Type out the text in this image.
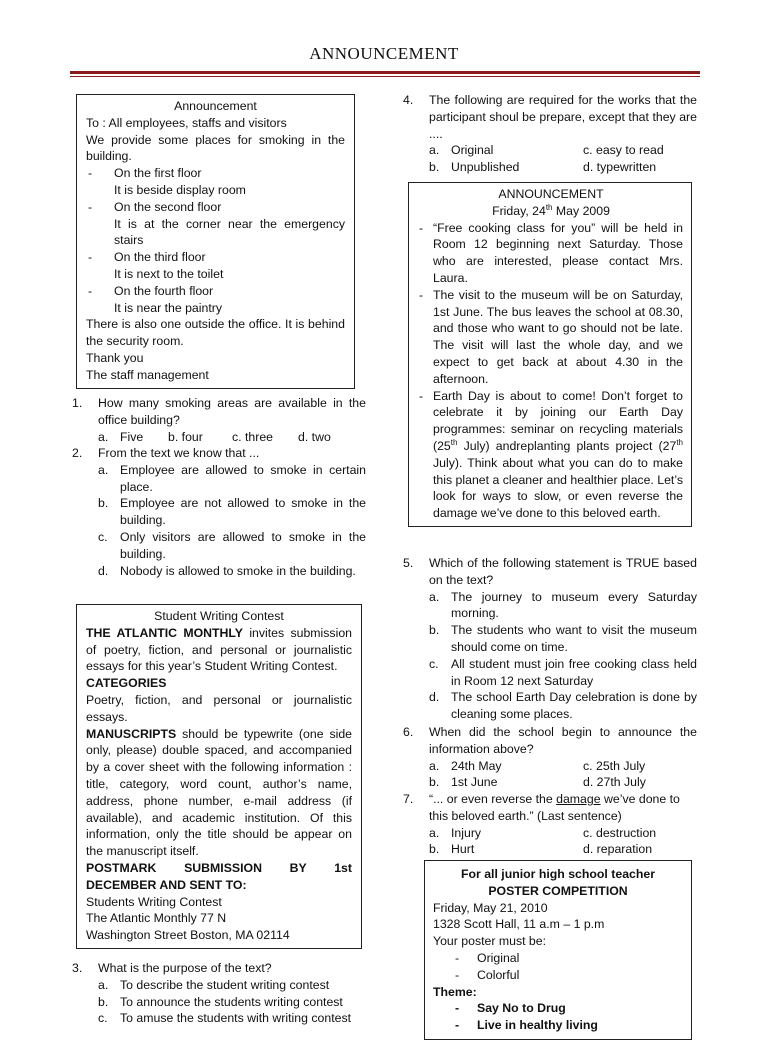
ANNOUNCEMENT
Announcement
To : All employees, staffs and visitors
We provide some places for smoking in the building.
-	On the first floor
It is beside display room
-	On the second floor
It is at the corner near the emergency stairs
-	On the third floor
It is next to the toilet
-	On the fourth floor
It is near the paintry
There is also one outside the office. It is behind the security room.
Thank you
The staff management
1.	How many smoking areas are available in the office building?
a. Five	b. four	c. three	d. two
2.	From the text we know that ...
a. Employee are allowed to smoke in certain place.
b. Employee are not allowed to smoke in the building.
c.	Only visitors are allowed to smoke in the building.
d. Nobody is allowed to smoke in the building.
Student Writing Contest
THE ATLANTIC MONTHLY invites submission of poetry, fiction, and personal or journalistic essays for this year’s Student Writing Contest.
CATEGORIES
Poetry, fiction, and personal or journalistic essays.
MANUSCRIPTS should be typewrite (one side only, please) double spaced, and accompanied by a cover sheet with the following information : title, category, word count, author’s name, address, phone number, e-mail address (if available), and academic institution. Of this information, only the title should be appear on the manuscript itself.
POSTMARK SUBMISSION BY 1st DECEMBER AND SENT TO:
Students Writing Contest
The Atlantic Monthly 77 N
Washington Street Boston, MA 02114
3.	What is the purpose of the text?
a. To describe the student writing contest
b. To announce the students writing contest
c.	To amuse the students with writing contest
4.	The following are required for the works that the participant shoul be prepare, except that they are ....
a. Original	c. easy to read
b. Unpublished	d. typewritten
ANNOUNCEMENT
Friday, 24th May 2009
- “Free cooking class for you” will be held in Room 12 beginning next Saturday. Those who are interested, please contact Mrs. Laura.
- The visit to the museum will be on Saturday, 1st June. The bus leaves the school at 08.30, and those who want to go should not be late. The visit will last the whole day, and we expect to get back at about 4.30 in the afternoon.
- Earth Day is about to come! Don’t forget to celebrate it by joining our Earth Day programmes: seminar on recycling materials (25th July) andreplanting plants project (27th July). Think about what you can do to make this planet a cleaner and healthier place. Let’s look for ways to slow, or even reverse the damage we’ve done to this beloved earth.
5.	Which of the following statement is TRUE based on the text?
a. The journey to museum every Saturday morning.
b. The students who want to visit the museum should come on time.
c.	All student must join free cooking class held in Room 12 next Saturday
d. The school Earth Day celebration is done by cleaning some places.
6.	When did the school begin to announce the information above?
a. 24th May	c. 25th July
b. 1st June	d. 27th July
7.	“... or even reverse the damage we’ve done to this beloved earth.” (Last sentence)
a. Injury	c. destruction
b. Hurt	d. reparation
For all junior high school teacher
POSTER COMPETITION
Friday, May 21, 2010
1328 Scott Hall, 11 a.m – 1 p.m
Your poster must be:
-	Original
-	Colorful
Theme:
-	Say No to Drug
-	Live in healthy living
